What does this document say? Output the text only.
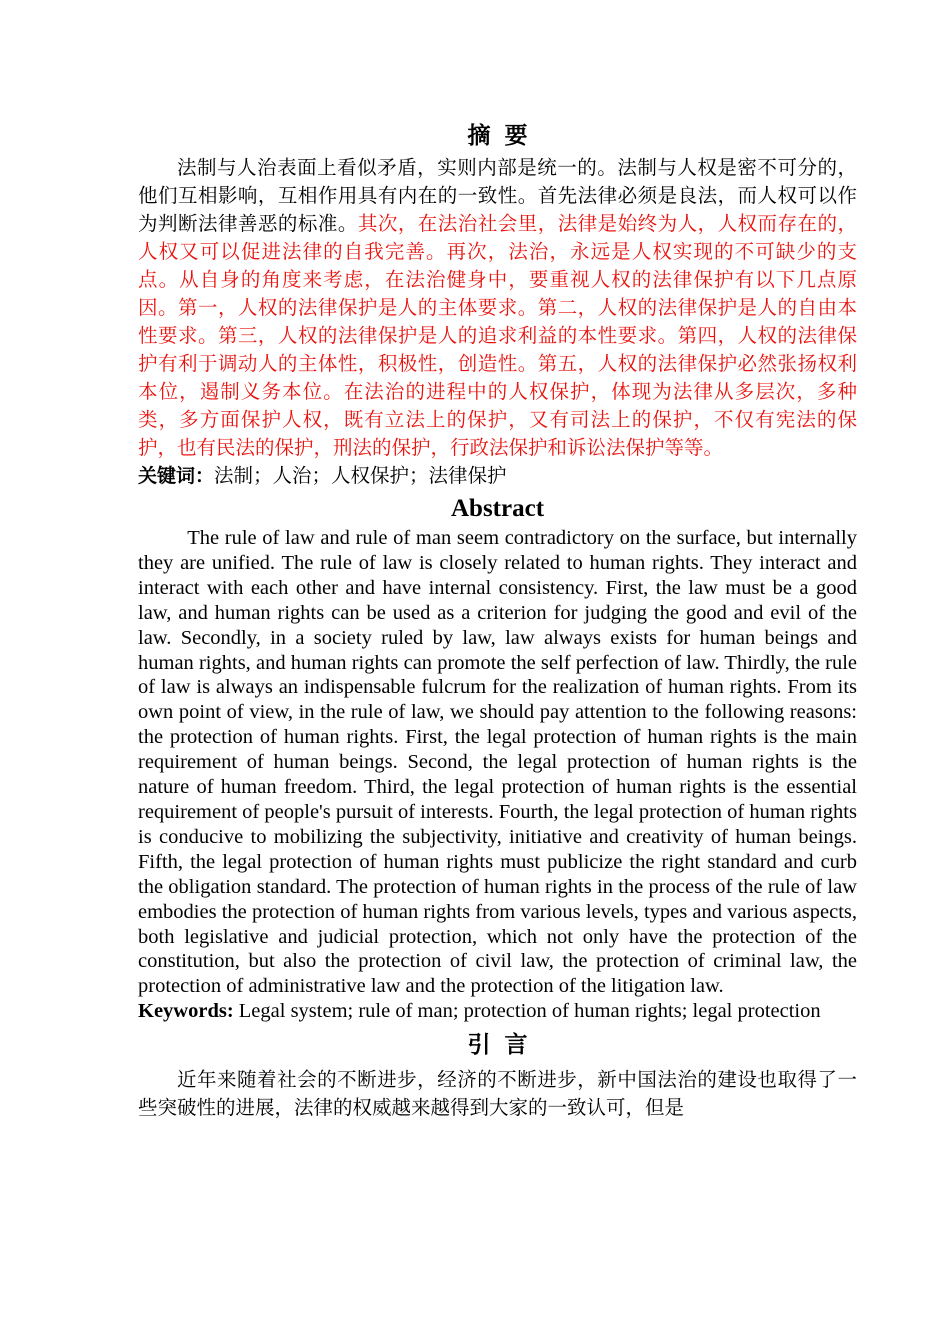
摘要

法制与人治表面上看似矛盾，实则内部是统一的。法制与人权是密不可分的，他们互相影响，互相作用具有内在的一致性。首先法律必须是良法，而人权可以作为判断法律善恶的标准。其次，在法治社会里，法律是始终为人，人权而存在的，人权又可以促进法律的自我完善。再次，法治，永远是人权实现的不可缺少的支点。从自身的角度来考虑，在法治健身中，要重视人权的法律保护有以下几点原因。第一，人权的法律保护是人的主体要求。第二，人权的法律保护是人的自由本性要求。第三，人权的法律保护是人的追求利益的本性要求。第四，人权的法律保护有利于调动人的主体性，积极性，创造性。第五，人权的法律保护必然张扬权利本位，遏制义务本位。在法治的进程中的人权保护，体现为法律从多层次，多种类，多方面保护人权，既有立法上的保护，又有司法上的保护，不仅有宪法的保护，也有民法的保护，刑法的保护，行政法保护和诉讼法保护等等。

关键词：法制；人治；人权保护；法律保护

Abstract

The rule of law and rule of man seem contradictory on the surface, but internally they are unified. The rule of law is closely related to human rights. They interact and interact with each other and have internal consistency. First, the law must be a good law, and human rights can be used as a criterion for judging the good and evil of the law. Secondly, in a society ruled by law, law always exists for human beings and human rights, and human rights can promote the self perfection of law. Thirdly, the rule of law is always an indispensable fulcrum for the realization of human rights. From its own point of view, in the rule of law, we should pay attention to the following reasons: the protection of human rights. First, the legal protection of human rights is the main requirement of human beings. Second, the legal protection of human rights is the nature of human freedom. Third, the legal protection of human rights is the essential requirement of people's pursuit of interests. Fourth, the legal protection of human rights is conducive to mobilizing the subjectivity, initiative and creativity of human beings. Fifth, the legal protection of human rights must publicize the right standard and curb the obligation standard. The protection of human rights in the process of the rule of law embodies the protection of human rights from various levels, types and various aspects, both legislative and judicial protection, which not only have the protection of the constitution, but also the protection of civil law, the protection of criminal law, the protection of administrative law and the protection of the litigation law.

Keywords: Legal system; rule of man; protection of human rights; legal protection

引言

近年来随着社会的不断进步，经济的不断进步，新中国法治的建设也取得了一些突破性的进展，法律的权威越来越得到大家的一致认可，但是
